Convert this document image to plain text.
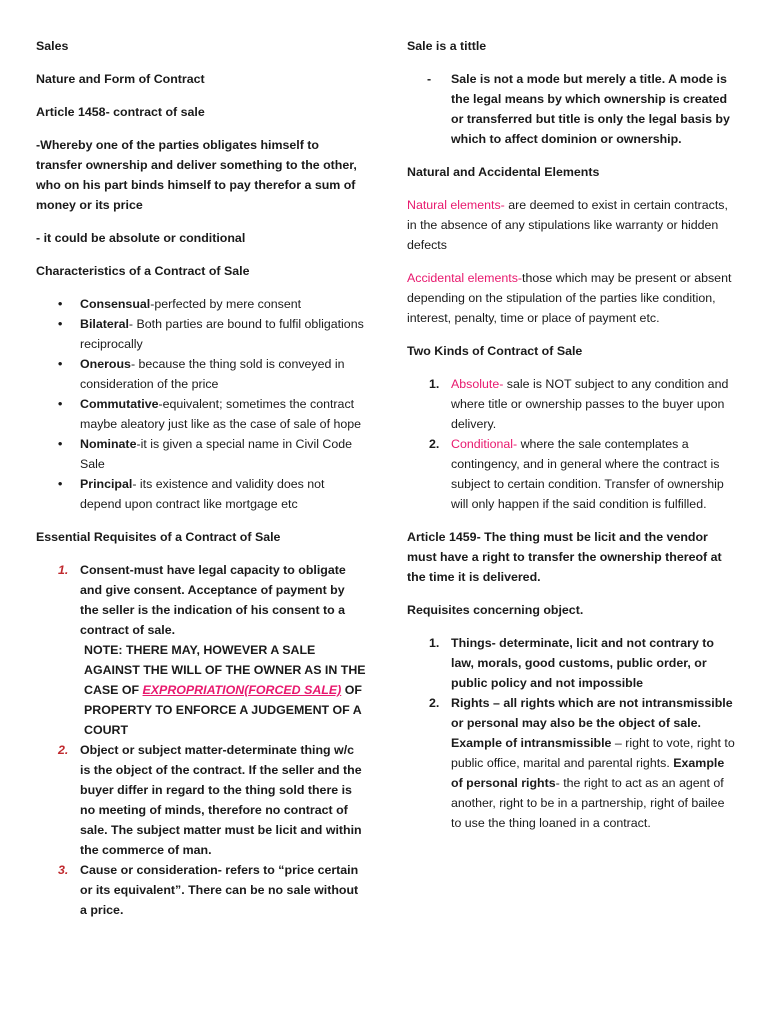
Sales

Nature and Form of Contract

Article 1458- contract of sale

-Whereby one of the parties obligates himself to transfer ownership and deliver something to the other, who on his part binds himself to pay therefor a sum of money or its price

- it could be absolute or conditional

Characteristics of a Contract of Sale

• Consensual-perfected by mere consent
• Bilateral- Both parties are bound to fulfil obligations reciprocally
• Onerous- because the thing sold is conveyed in consideration of the price
• Commutative-equivalent; sometimes the contract maybe aleatory just like as the case of sale of hope
• Nominate-it is given a special name in Civil Code Sale
• Principal- its existence and validity does not depend upon contract like mortgage etc

Essential Requisites of a Contract of Sale

1. Consent-must have legal capacity to obligate and give consent. Acceptance of payment by the seller is the indication of his consent to a contract of sale.
NOTE: THERE MAY, HOWEVER A SALE AGAINST THE WILL OF THE OWNER AS IN THE CASE OF EXPROPRIATION(FORCED SALE) OF PROPERTY TO ENFORCE A JUDGEMENT OF A COURT
2. Object or subject matter-determinate thing w/c is the object of the contract. If the seller and the buyer differ in regard to the thing sold there is no meeting of minds, therefore no contract of sale. The subject matter must be licit and within the commerce of man.
3. Cause or consideration- refers to “price certain or its equivalent”. There can be no sale without a price.

Sale is a tittle

- Sale is not a mode but merely a title. A mode is the legal means by which ownership is created or transferred but title is only the legal basis by which to affect dominion or ownership.

Natural and Accidental Elements

Natural elements- are deemed to exist in certain contracts, in the absence of any stipulations like warranty or hidden defects

Accidental elements-those which may be present or absent depending on the stipulation of the parties like condition, interest, penalty, time or place of payment etc.

Two Kinds of Contract of Sale

1. Absolute- sale is NOT subject to any condition and where title or ownership passes to the buyer upon delivery.
2. Conditional- where the sale contemplates a contingency, and in general where the contract is subject to certain condition. Transfer of ownership will only happen if the said condition is fulfilled.

Article 1459- The thing must be licit and the vendor must have a right to transfer the ownership thereof at the time it is delivered.

Requisites concerning object.

1. Things- determinate, licit and not contrary to law, morals, good customs, public order, or public policy and not impossible
2. Rights – all rights which are not intransmissible or personal may also be the object of sale. Example of intransmissible – right to vote, right to public office, marital and parental rights. Example of personal rights- the right to act as an agent of another, right to be in a partnership, right of bailee to use the thing loaned in a contract.
